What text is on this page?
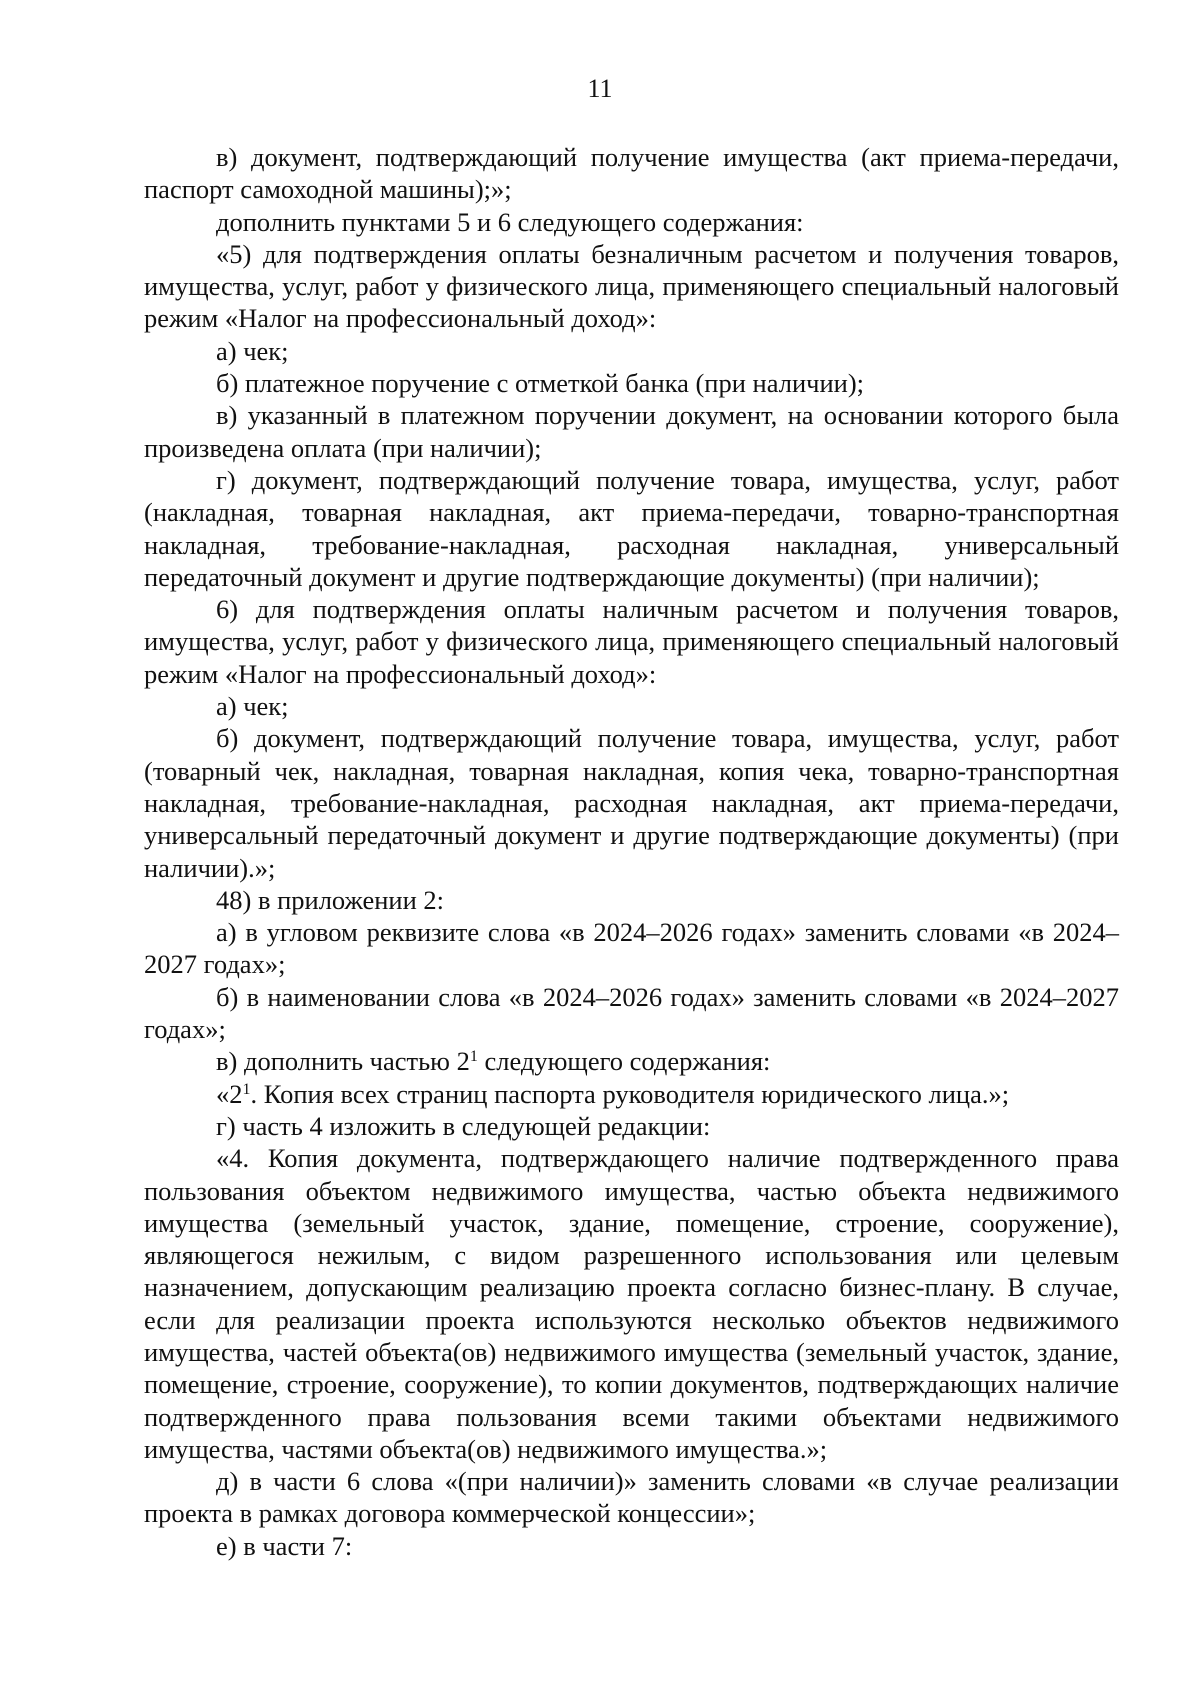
11

в) документ, подтверждающий получение имущества (акт приема-передачи, паспорт самоходной машины);»;

дополнить пунктами 5 и 6 следующего содержания:

«5) для подтверждения оплаты безналичным расчетом и получения товаров, имущества, услуг, работ у физического лица, применяющего специальный налоговый режим «Налог на профессиональный доход»:

а) чек;

б) платежное поручение с отметкой банка (при наличии);

в) указанный в платежном поручении документ, на основании которого была произведена оплата (при наличии);

г) документ, подтверждающий получение товара, имущества, услуг, работ (накладная, товарная накладная, акт приема-передачи, товарно-транспортная накладная, требование-накладная, расходная накладная, универсальный передаточный документ и другие подтверждающие документы) (при наличии);

6) для подтверждения оплаты наличным расчетом и получения товаров, имущества, услуг, работ у физического лица, применяющего специальный налоговый режим «Налог на профессиональный доход»:

а) чек;

б) документ, подтверждающий получение товара, имущества, услуг, работ (товарный чек, накладная, товарная накладная, копия чека, товарно-транспортная накладная, требование-накладная, расходная накладная, акт приема-передачи, универсальный передаточный документ и другие подтверждающие документы) (при наличии).»;

48) в приложении 2:

а) в угловом реквизите слова «в 2024–2026 годах» заменить словами «в 2024–2027 годах»;

б) в наименовании слова «в 2024–2026 годах» заменить словами «в 2024–2027 годах»;

в) дополнить частью $2^1$ следующего содержания:

«$2^1$. Копия всех страниц паспорта руководителя юридического лица.»;

г) часть 4 изложить в следующей редакции:

«4. Копия документа, подтверждающего наличие подтвержденного права пользования объектом недвижимого имущества, частью объекта недвижимого имущества (земельный участок, здание, помещение, строение, сооружение), являющегося нежилым, с видом разрешенного использования или целевым назначением, допускающим реализацию проекта согласно бизнес-плану. В случае, если для реализации проекта используются несколько объектов недвижимого имущества, частей объекта(ов) недвижимого имущества (земельный участок, здание, помещение, строение, сооружение), то копии документов, подтверждающих наличие подтвержденного права пользования всеми такими объектами недвижимого имущества, частями объекта(ов) недвижимого имущества.»;

д) в части 6 слова «(при наличии)» заменить словами «в случае реализации проекта в рамках договора коммерческой концессии»;

е) в части 7:
